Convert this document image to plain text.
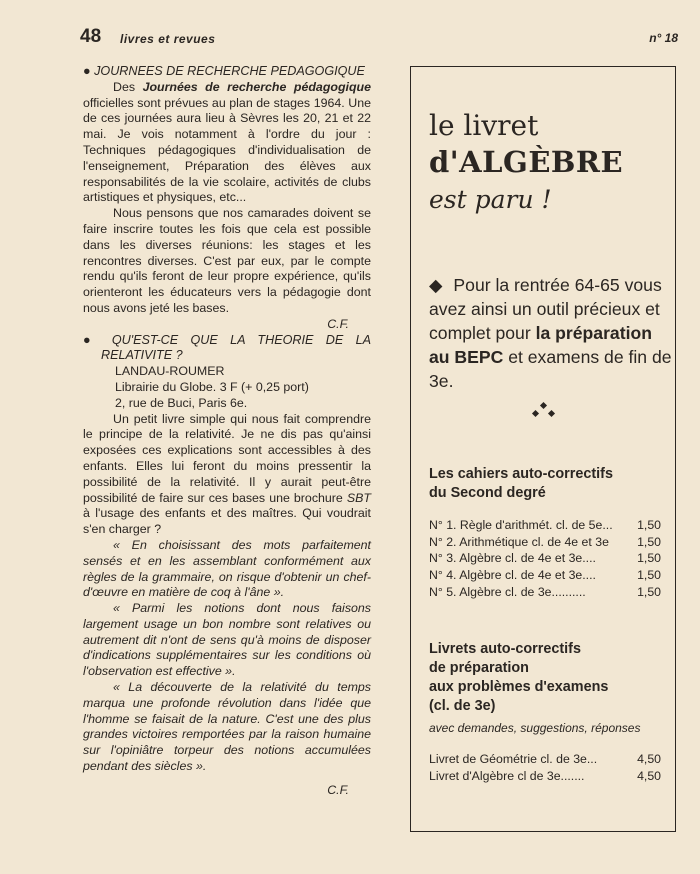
48 livres et revues	n° 18

● JOURNEES DE RECHERCHE PEDAGOGIQUE

Des Journées de recherche pédagogique officielles sont prévues au plan de stages 1964. Une de ces journées aura lieu à Sèvres les 20, 21 et 22 mai. Je vois notamment à l'ordre du jour : Techniques pédagogiques d'individualisation de l'enseignement, Préparation des élèves aux responsabilités de la vie scolaire, activités de clubs artistiques et physiques, etc...

Nous pensons que nos camarades doivent se faire inscrire toutes les fois que cela est possible dans les diverses réunions: les stages et les rencontres diverses. C'est par eux, par le compte rendu qu'ils feront de leur propre expérience, qu'ils orienteront les éducateurs vers la pédagogie dont nous avons jeté les bases.

C.F.

● QU'EST-CE QUE LA THEORIE DE LA RELATIVITE ?

LANDAU-ROUMER

Librairie du Globe. 3 F (+ 0,25 port)

2, rue de Buci, Paris 6e.

Un petit livre simple qui nous fait comprendre le principe de la relativité. Je ne dis pas qu'ainsi exposées ces explications sont accessibles à des enfants. Elles lui feront du moins pressentir la possibilité de la relativité. Il y aurait peut-être possibilité de faire sur ces bases une brochure SBT à l'usage des enfants et des maîtres. Qui voudrait s'en charger ?

« En choisissant des mots parfaitement sensés et en les assemblant conformément aux règles de la grammaire, on risque d'obtenir un chef-d'œuvre en matière de coq à l'âne ».

« Parmi les notions dont nous faisons largement usage un bon nombre sont relatives ou autrement dit n'ont de sens qu'à moins de disposer d'indications supplémentaires sur les conditions où l'observation est effective ».

« La découverte de la relativité du temps marqua une profonde révolution dans l'idée que l'homme se faisait de la nature. C'est une des plus grandes victoires remportées par la raison humaine sur l'opiniâtre torpeur des notions accumulées pendant des siècles ».

C.F.

le livret
d'ALGÈBRE
est paru !
◆ Pour la rentrée 64-65 vous avez ainsi un outil précieux et complet pour la préparation au BEPC et examens de fin de 3e.
Les cahiers auto-correctifs
du Second degré
N° 1. Règle d'arithmét. cl. de 5e...	1,50
N° 2. Arithmétique cl. de 4e et 3e	1,50
N° 3. Algèbre cl. de 4e et 3e....	1,50
N° 4. Algèbre cl. de 4e et 3e....	1,50
N° 5. Algèbre cl. de 3e..........	1,50
Livrets auto-correctifs
de préparation
aux problèmes d'examens
(cl. de 3e)
avec demandes, suggestions, réponses
Livret de Géométrie cl. de 3e...	4,50
Livret d'Algèbre cl de 3e.......	4,50
